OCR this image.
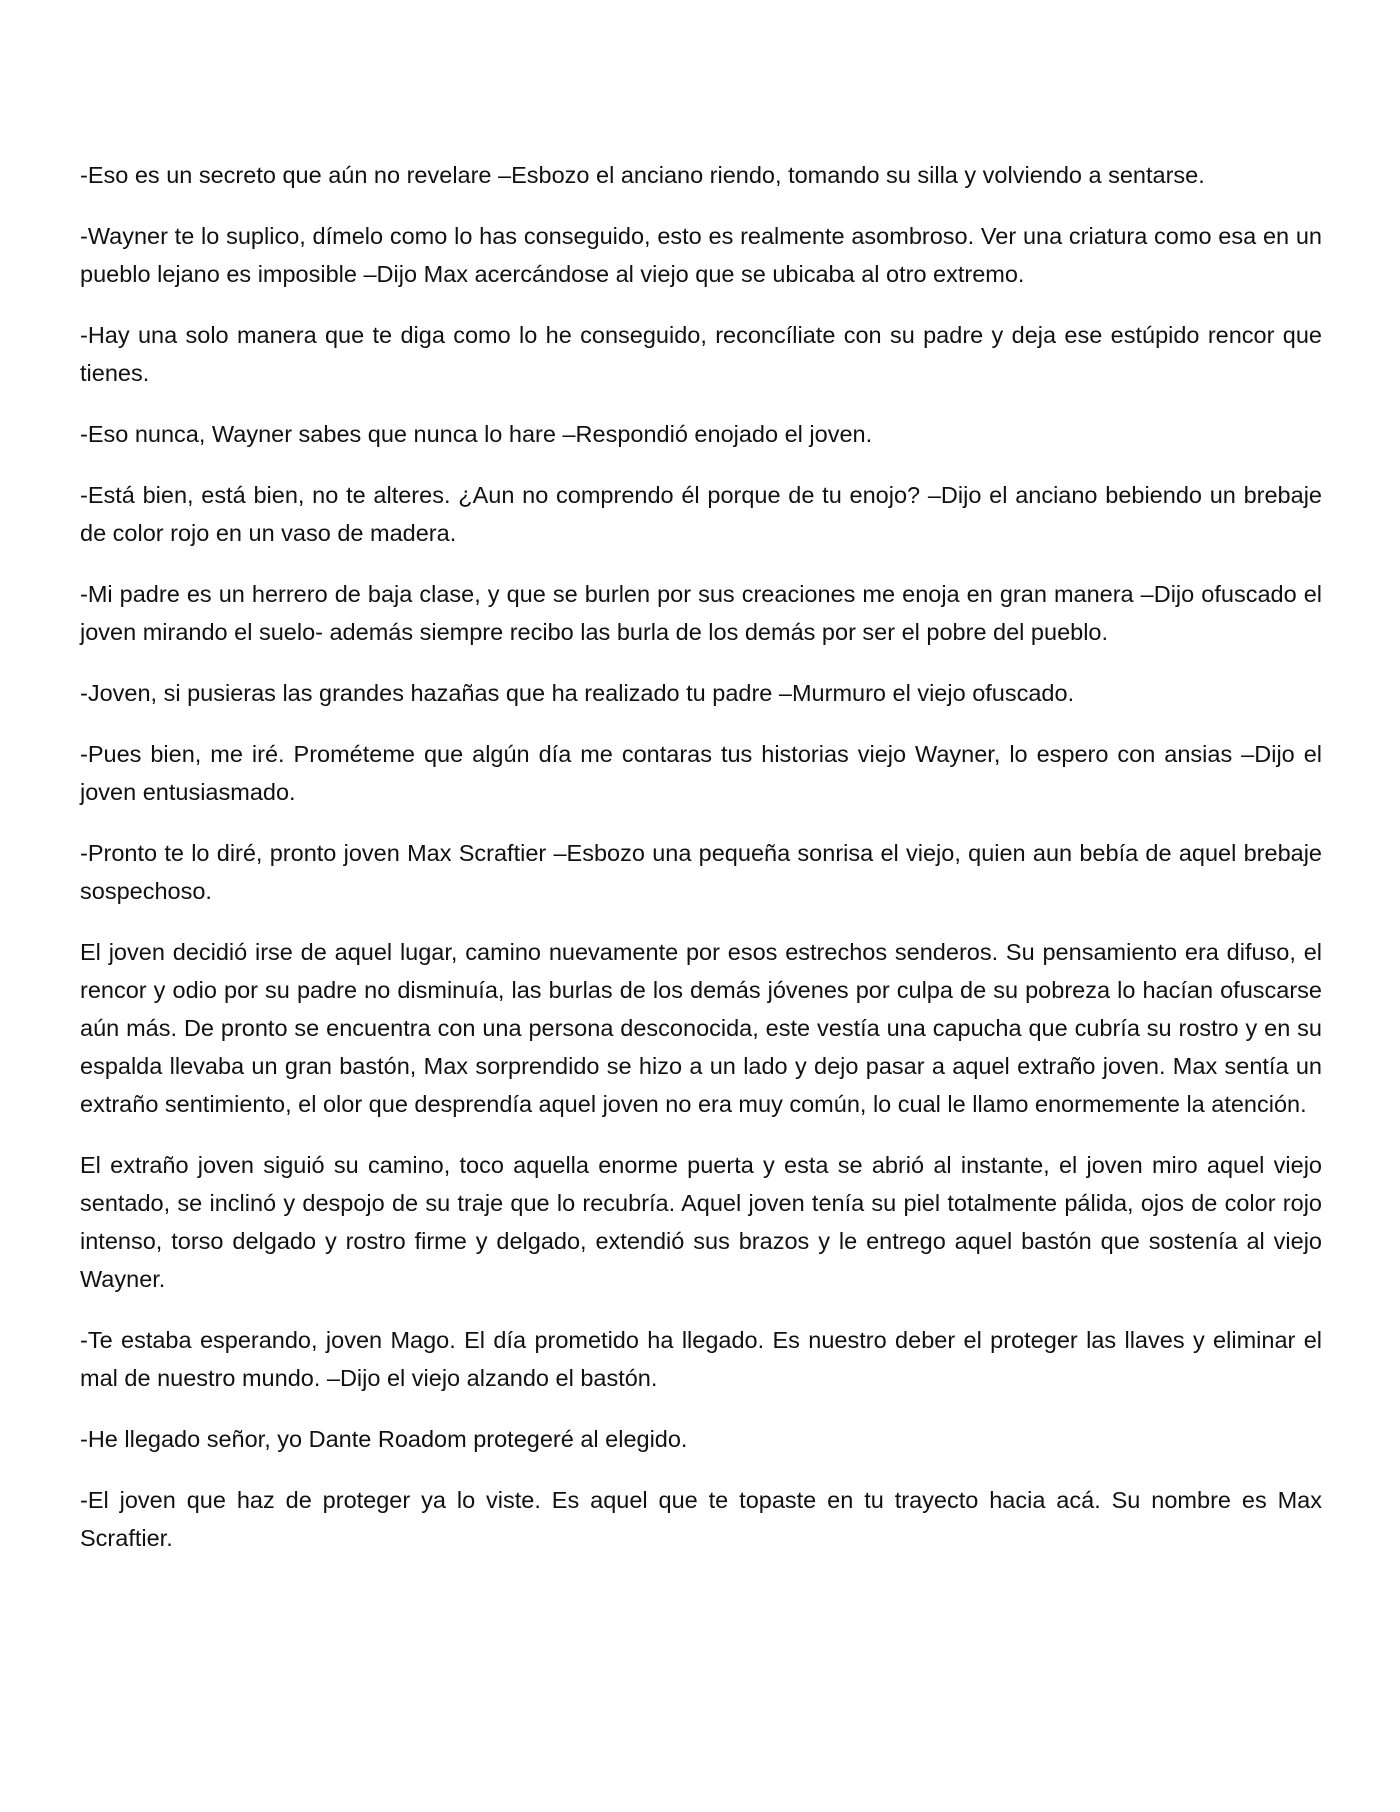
-Eso es un secreto que aún no revelare –Esbozo el anciano riendo, tomando su silla y volviendo a sentarse.

-Wayner te lo suplico, dímelo como lo has conseguido, esto es realmente asombroso. Ver una criatura como esa en un pueblo lejano es imposible –Dijo Max acercándose al viejo que se ubicaba al otro extremo.

-Hay una solo manera que te diga como lo he conseguido, reconcíliate con su padre y deja ese estúpido rencor que tienes.

-Eso nunca, Wayner sabes que nunca lo hare –Respondió enojado el joven.

-Está bien, está bien, no te alteres. ¿Aun no comprendo él porque de tu enojo? –Dijo el anciano bebiendo un brebaje de color rojo en un vaso de madera.

-Mi padre es un herrero de baja clase, y que se burlen por sus creaciones me enoja en gran manera –Dijo ofuscado el joven mirando el suelo- además siempre recibo las burla de los demás por ser el pobre del pueblo.

-Joven, si pusieras las grandes hazañas que ha realizado tu padre –Murmuro el viejo ofuscado.

-Pues bien, me iré. Prométeme que algún día me contaras tus historias viejo Wayner, lo espero con ansias –Dijo el joven entusiasmado.

-Pronto te lo diré, pronto joven Max Scraftier –Esbozo una pequeña sonrisa el viejo, quien aun bebía de aquel brebaje sospechoso.

El joven decidió irse de aquel lugar, camino nuevamente por esos estrechos senderos. Su pensamiento era difuso, el rencor y odio por su padre no disminuía, las burlas de los demás jóvenes por culpa de su pobreza lo hacían ofuscarse aún más. De pronto se encuentra con una persona desconocida, este vestía una capucha que cubría su rostro y en su espalda llevaba un gran bastón, Max sorprendido se hizo a un lado y dejo pasar a aquel extraño joven. Max sentía un extraño sentimiento, el olor que desprendía aquel joven no era muy común, lo cual le llamo enormemente la atención.

El extraño joven siguió su camino, toco aquella enorme puerta y esta se abrió al instante, el joven miro aquel viejo sentado, se inclinó y despojo de su traje que lo recubría. Aquel joven tenía su piel totalmente pálida, ojos de color rojo intenso, torso delgado y rostro firme y delgado, extendió sus brazos y le entrego aquel bastón que sostenía al viejo Wayner.

-Te estaba esperando, joven Mago. El día prometido ha llegado. Es nuestro deber el proteger las llaves y eliminar el mal de nuestro mundo. –Dijo el viejo alzando el bastón.

-He llegado señor, yo Dante Roadom protegeré al elegido.

-El joven que haz de proteger ya lo viste. Es aquel que te topaste en tu trayecto hacia acá. Su nombre es Max Scraftier.
